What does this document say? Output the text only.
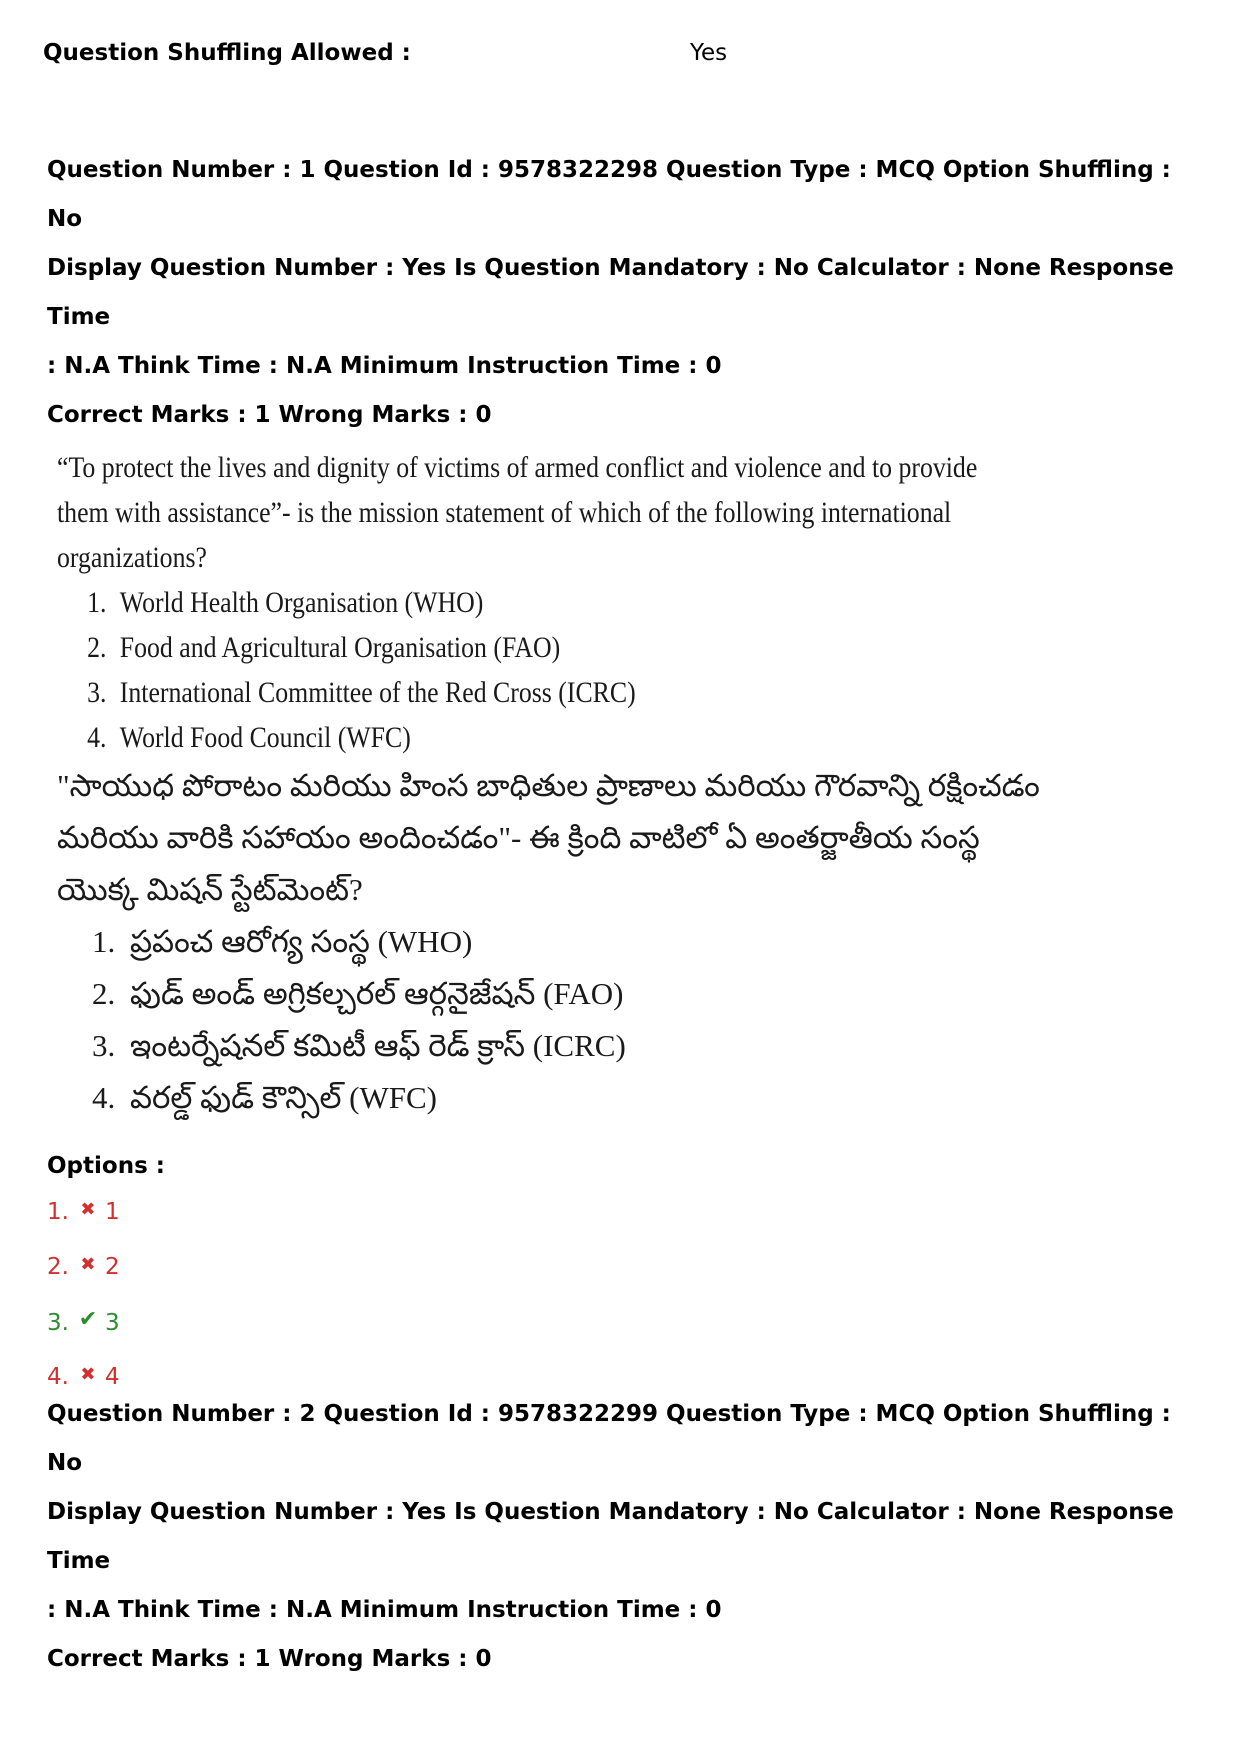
Question Shuffling Allowed :	Yes

Question Number : 1 Question Id : 9578322298 Question Type : MCQ Option Shuffling : No

Display Question Number : Yes Is Question Mandatory : No Calculator : None Response Time

: N.A Think Time : N.A Minimum Instruction Time : 0

Correct Marks : 1 Wrong Marks : 0

“To protect the lives and dignity of victims of armed conflict and violence and to provide
them with assistance”- is the mission statement of which of the following international
organizations?
1. World Health Organisation (WHO)
2. Food and Agricultural Organisation (FAO)
3. International Committee of the Red Cross (ICRC)
4. World Food Council (WFC)
"సాయుధ పోరాటం మరియు హింస బాధితుల ప్రాణాలు మరియు గౌరవాన్ని రక్షించడం
మరియు వారికి సహాయం అందించడం"- ఈ క్రింది వాటిలో ఏ అంతర్జాతీయ సంస్థ
యొక్క మిషన్ స్టేట్‌మెంట్?
1. ప్రపంచ ఆరోగ్య సంస్థ (WHO)
2. ఫుడ్ అండ్ అగ్రికల్చరల్ ఆర్గనైజేషన్ (FAO)
3. ఇంటర్నేషనల్ కమిటీ ఆఫ్ రెడ్ క్రాస్ (ICRC)
4. వరల్డ్ ఫుడ్ కౌన్సిల్ (WFC)

Options :

1. ✖ 1
2. ✖ 2
3. ✔ 3
4. ✖ 4

Question Number : 2 Question Id : 9578322299 Question Type : MCQ Option Shuffling : No

Display Question Number : Yes Is Question Mandatory : No Calculator : None Response Time

: N.A Think Time : N.A Minimum Instruction Time : 0

Correct Marks : 1 Wrong Marks : 0
